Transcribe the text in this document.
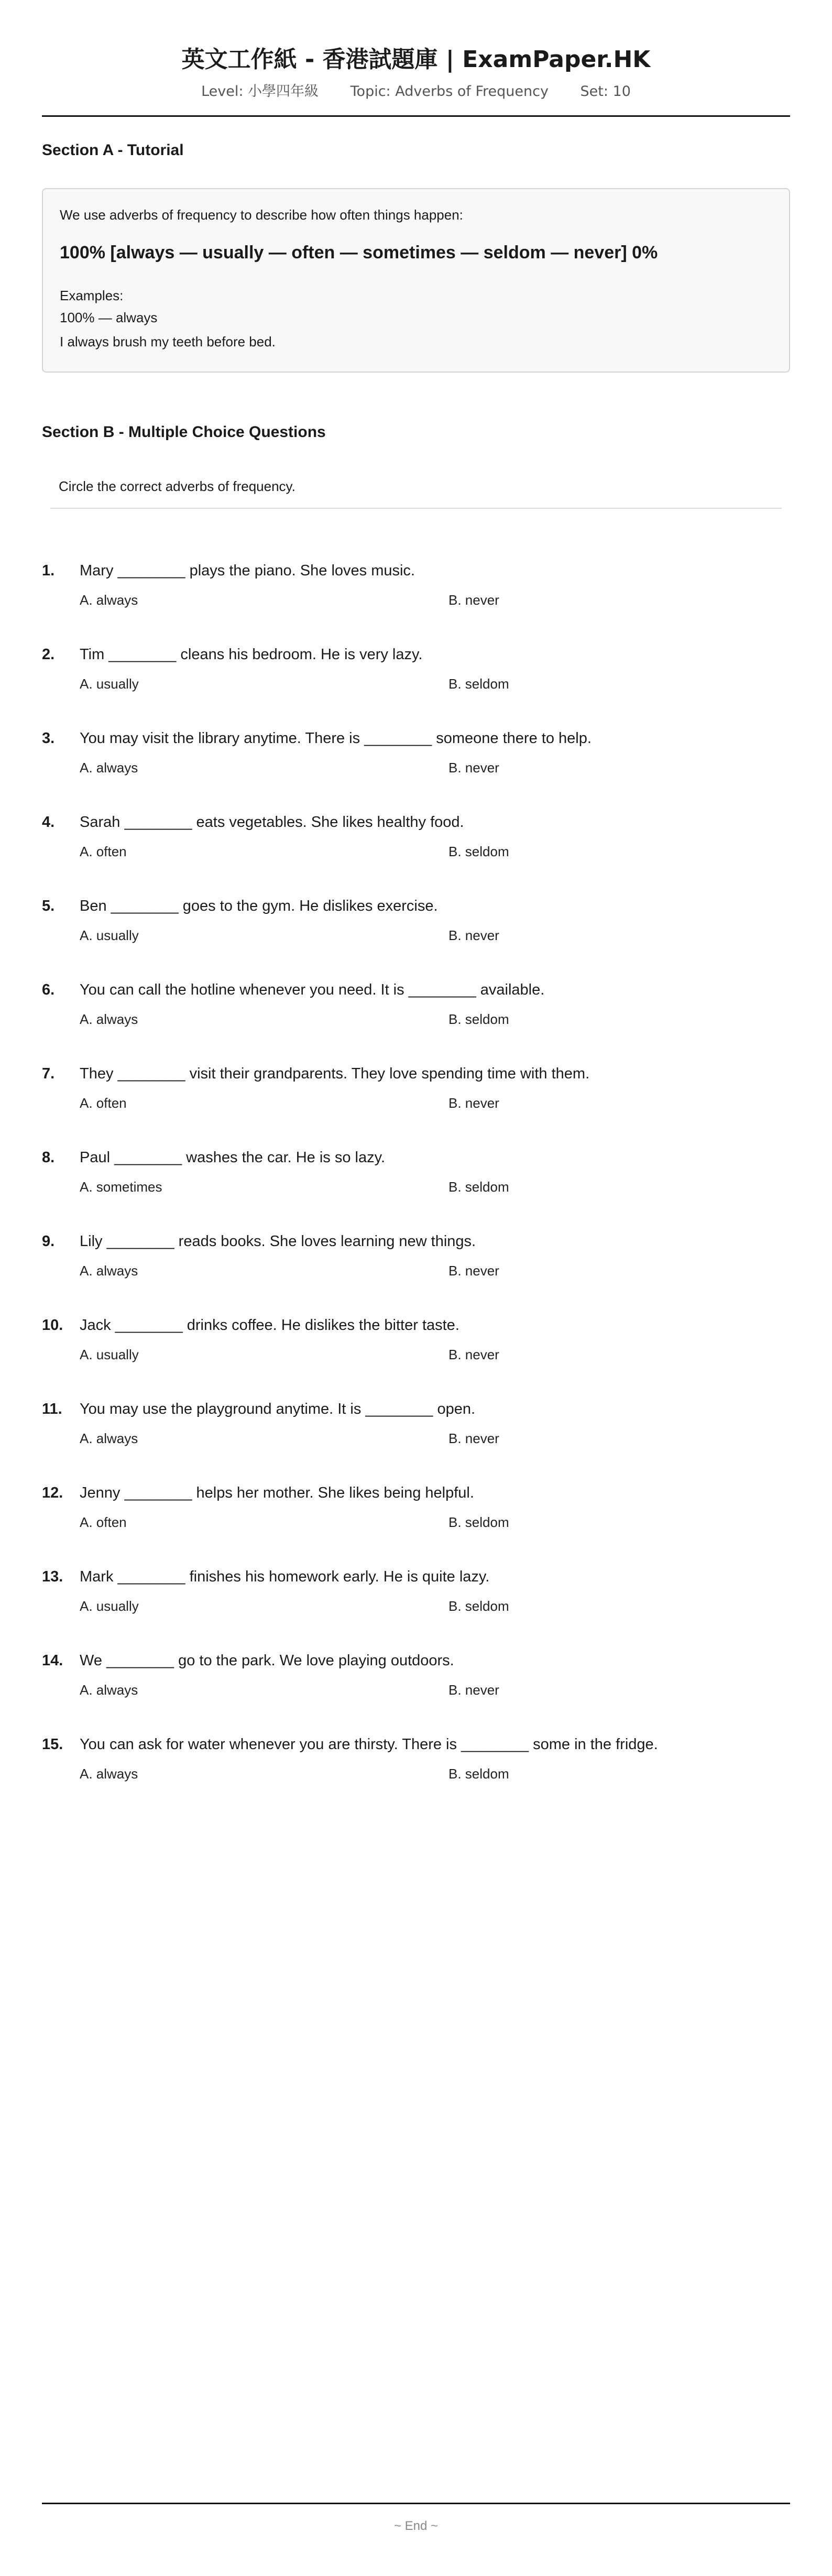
英文工作紙 - 香港試題庫 | ExamPaper.HK
Level: 小學四年級 Topic: Adverbs of Frequency Set: 10
Section A - Tutorial

We use adverbs of frequency to describe how often things happen:

100% [always — usually — often — sometimes — seldom — never] 0%

Examples:

100% — always

I always brush my teeth before bed.

Section B - Multiple Choice Questions

Circle the correct adverbs of frequency.

1. Mary ________ plays the piano. She loves music.
A. always	B. never
2. Tim ________ cleans his bedroom. He is very lazy.
A. usually	B. seldom
3. You may visit the library anytime. There is ________ someone there to help.
A. always	B. never
4. Sarah ________ eats vegetables. She likes healthy food.
A. often	B. seldom
5. Ben ________ goes to the gym. He dislikes exercise.
A. usually	B. never
6. You can call the hotline whenever you need. It is ________ available.
A. always	B. seldom
7. They ________ visit their grandparents. They love spending time with them.
A. often	B. never
8. Paul ________ washes the car. He is so lazy.
A. sometimes	B. seldom
9. Lily ________ reads books. She loves learning new things.
A. always	B. never
10. Jack ________ drinks coffee. He dislikes the bitter taste.
A. usually	B. never
11. You may use the playground anytime. It is ________ open.
A. always	B. never
12. Jenny ________ helps her mother. She likes being helpful.
A. often	B. seldom
13. Mark ________ finishes his homework early. He is quite lazy.
A. usually	B. seldom
14. We ________ go to the park. We love playing outdoors.
A. always	B. never
15. You can ask for water whenever you are thirsty. There is ________ some in the fridge.
A. always	B. seldom
~ End ~
